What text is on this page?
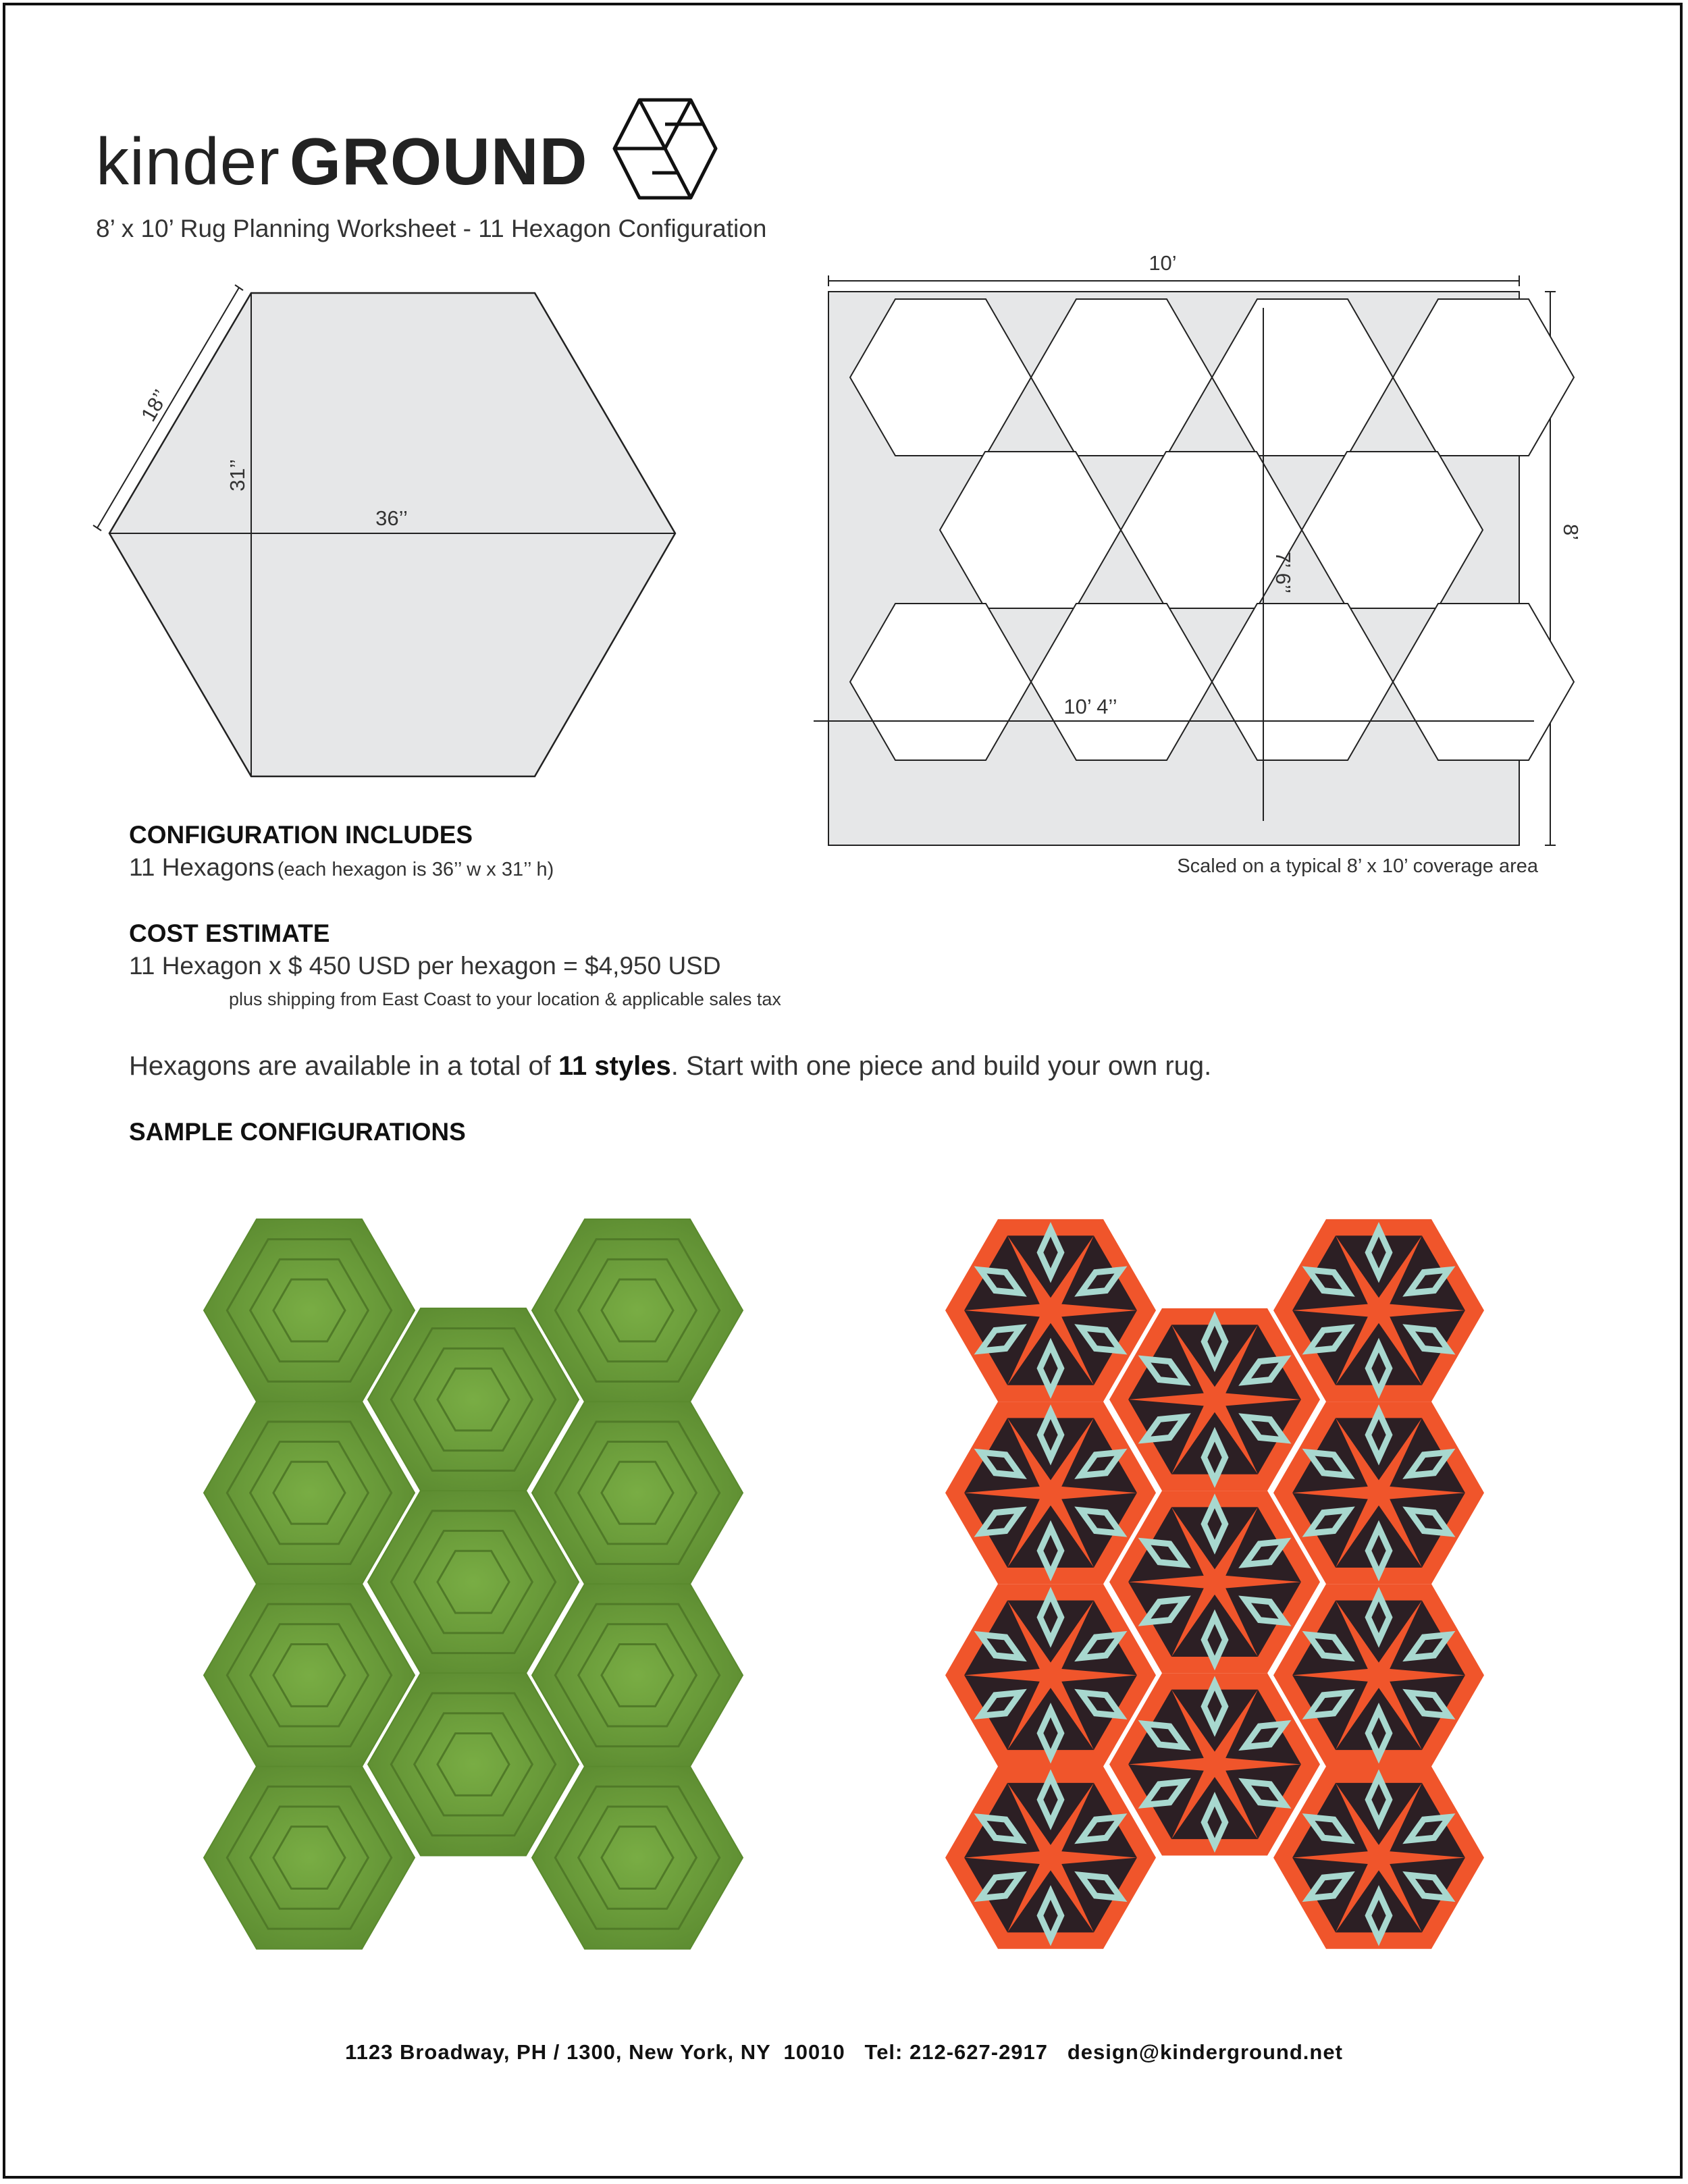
kinder GROUND
8’ x 10’ Rug Planning Worksheet - 11 Hexagon Configuration
18’’
31’’
36’’
10’
8’
7’ 6’’
10’ 4’’
Scaled on a typical 8’ x 10’ coverage area
CONFIGURATION INCLUDES
11 Hexagons (each hexagon is 36’’ w x 31’’ h)
COST ESTIMATE
11 Hexagon x $ 450 USD per hexagon = $4,950 USD
plus shipping from East Coast to your location & applicable sales tax
Hexagons are available in a total of 11 styles. Start with one piece and build your own rug.
SAMPLE CONFIGURATIONS
1123 Broadway, PH / 1300, New York, NY  10010   Tel: 212-627-2917   design@kinderground.net
